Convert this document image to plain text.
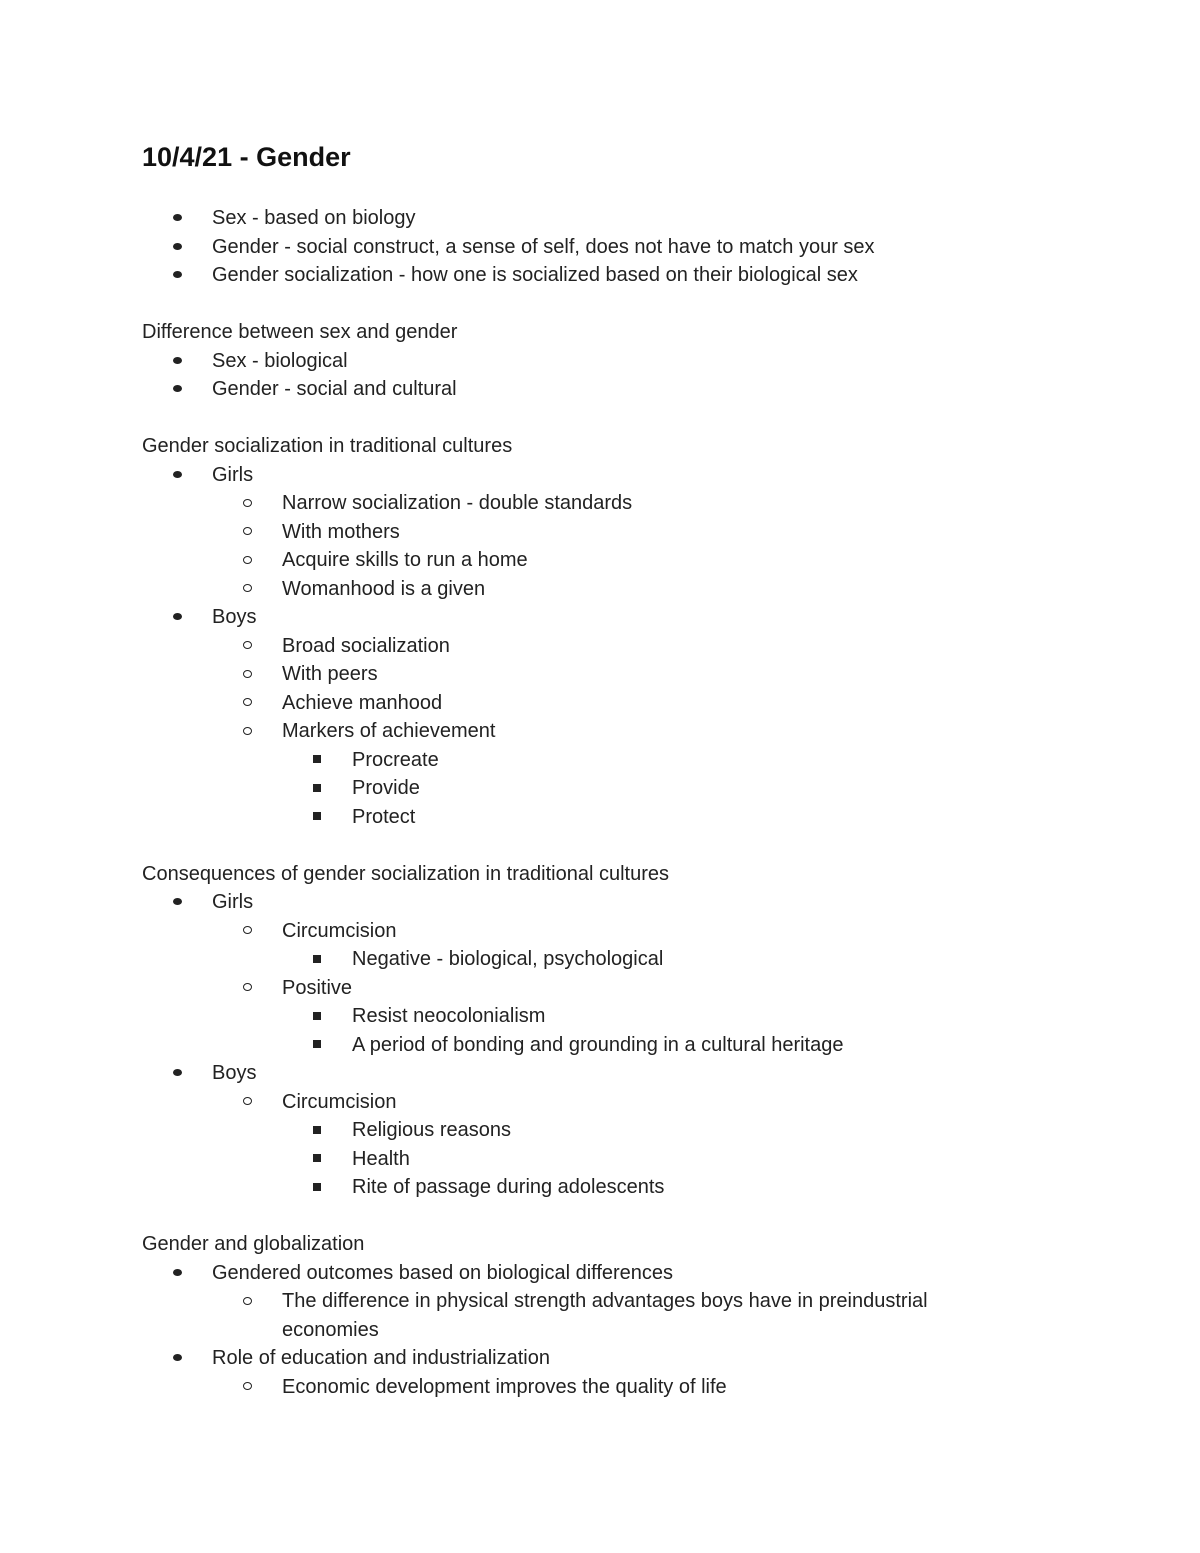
10/4/21 - Gender
Sex - based on biology
Gender - social construct, a sense of self, does not have to match your sex
Gender socialization - how one is socialized based on their biological sex
Difference between sex and gender
Sex - biological
Gender - social and cultural
Gender socialization in traditional cultures
Girls
Narrow socialization - double standards
With mothers
Acquire skills to run a home
Womanhood is a given
Boys
Broad socialization
With peers
Achieve manhood
Markers of achievement
Procreate
Provide
Protect
Consequences of gender socialization in traditional cultures
Girls
Circumcision
Negative - biological, psychological
Positive
Resist neocolonialism
A period of bonding and grounding in a cultural heritage
Boys
Circumcision
Religious reasons
Health
Rite of passage during adolescents
Gender and globalization
Gendered outcomes based on biological differences
The difference in physical strength advantages boys have in preindustrial economies
Role of education and industrialization
Economic development improves the quality of life
